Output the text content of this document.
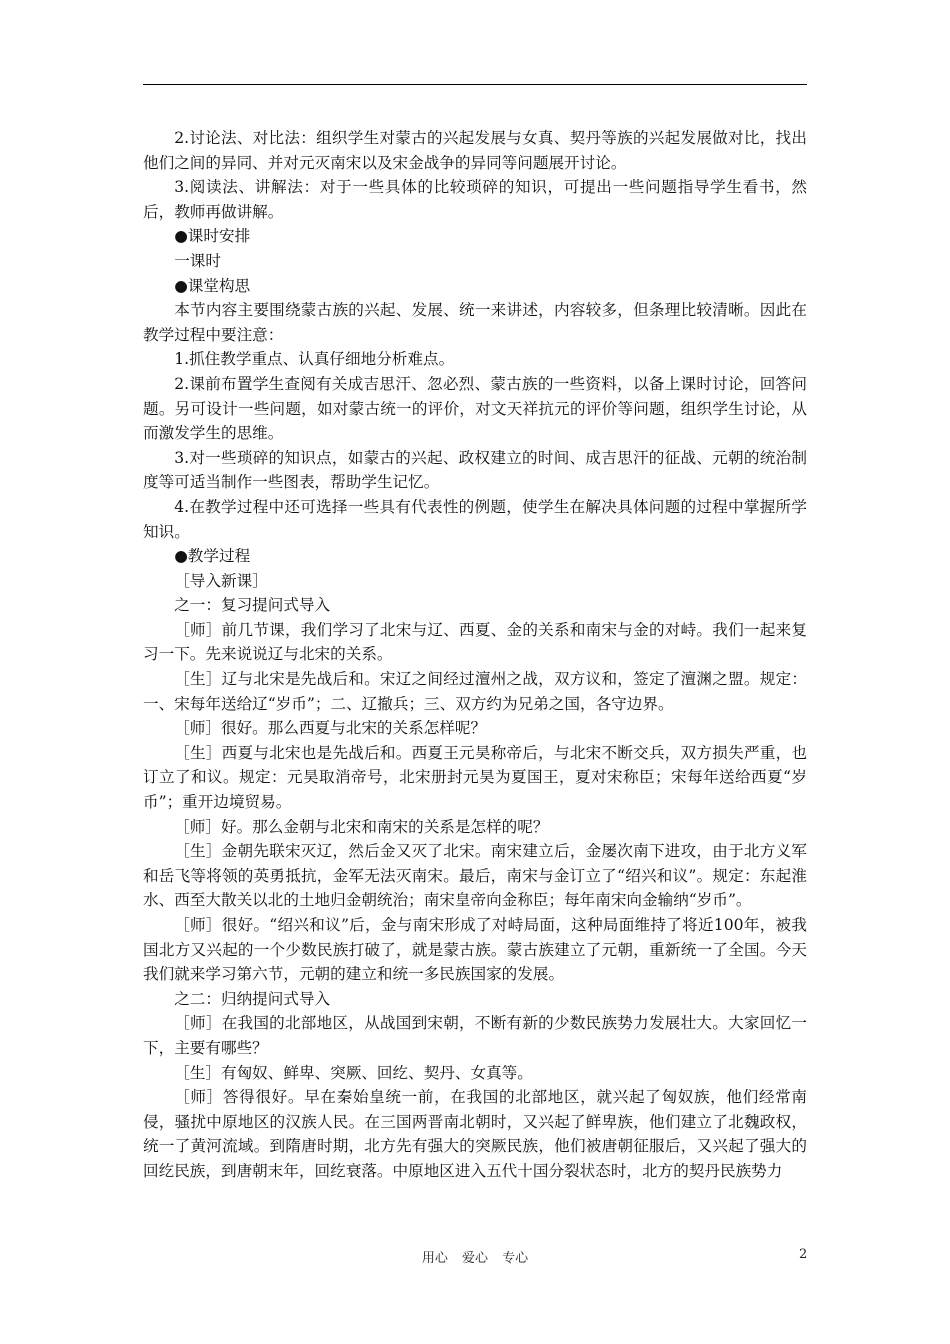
2.讨论法、对比法：组织学生对蒙古的兴起发展与女真、契丹等族的兴起发展做对比，找出他们之间的异同、并对元灭南宋以及宋金战争的异同等问题展开讨论。

3.阅读法、讲解法：对于一些具体的比较琐碎的知识，可提出一些问题指导学生看书，然后，教师再做讲解。

●课时安排

一课时

●课堂构思

本节内容主要围绕蒙古族的兴起、发展、统一来讲述，内容较多，但条理比较清晰。因此在教学过程中要注意：

1.抓住教学重点、认真仔细地分析难点。

2.课前布置学生查阅有关成吉思汗、忽必烈、蒙古族的一些资料，以备上课时讨论，回答问题。另可设计一些问题，如对蒙古统一的评价，对文天祥抗元的评价等问题，组织学生讨论，从而激发学生的思维。

3.对一些琐碎的知识点，如蒙古的兴起、政权建立的时间、成吉思汗的征战、元朝的统治制度等可适当制作一些图表，帮助学生记忆。

4.在教学过程中还可选择一些具有代表性的例题，使学生在解决具体问题的过程中掌握所学知识。

●教学过程

［导入新课］

之一：复习提问式导入

［师］前几节课，我们学习了北宋与辽、西夏、金的关系和南宋与金的对峙。我们一起来复习一下。先来说说辽与北宋的关系。

［生］辽与北宋是先战后和。宋辽之间经过澶州之战，双方议和，签定了澶渊之盟。规定：一、宋每年送给辽“岁币”；二、辽撤兵；三、双方约为兄弟之国，各守边界。

［师］很好。那么西夏与北宋的关系怎样呢？

［生］西夏与北宋也是先战后和。西夏王元昊称帝后，与北宋不断交兵，双方损失严重，也订立了和议。规定：元昊取消帝号，北宋册封元昊为夏国王，夏对宋称臣；宋每年送给西夏“岁币”；重开边境贸易。

［师］好。那么金朝与北宋和南宋的关系是怎样的呢？

［生］金朝先联宋灭辽，然后金又灭了北宋。南宋建立后，金屡次南下进攻，由于北方义军和岳飞等将领的英勇抵抗，金军无法灭南宋。最后，南宋与金订立了“绍兴和议”。规定：东起淮水、西至大散关以北的土地归金朝统治；南宋皇帝向金称臣；每年南宋向金输纳“岁币”。

［师］很好。“绍兴和议”后，金与南宋形成了对峙局面，这种局面维持了将近100年，被我国北方又兴起的一个少数民族打破了，就是蒙古族。蒙古族建立了元朝，重新统一了全国。今天我们就来学习第六节，元朝的建立和统一多民族国家的发展。

之二：归纳提问式导入

［师］在我国的北部地区，从战国到宋朝，不断有新的少数民族势力发展壮大。大家回忆一下，主要有哪些？

［生］有匈奴、鲜卑、突厥、回纥、契丹、女真等。

［师］答得很好。早在秦始皇统一前，在我国的北部地区，就兴起了匈奴族，他们经常南侵，骚扰中原地区的汉族人民。在三国两晋南北朝时，又兴起了鲜卑族，他们建立了北魏政权，统一了黄河流域。到隋唐时期，北方先有强大的突厥民族，他们被唐朝征服后，又兴起了强大的回纥民族，到唐朝末年，回纥衰落。中原地区进入五代十国分裂状态时，北方的契丹民族势力

用心 爱心 专心	2
